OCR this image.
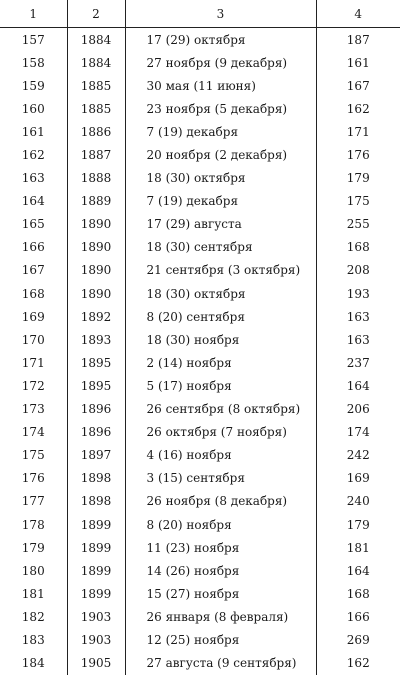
1	2	3	4
157	1884	17 (29) октября	187
158	1884	27 ноября (9 декабря)	161
159	1885	30 мая (11 июня)	167
160	1885	23 ноября (5 декабря)	162
161	1886	7 (19) декабря	171
162	1887	20 ноября (2 декабря)	176
163	1888	18 (30) октября	179
164	1889	7 (19) декабря	175
165	1890	17 (29) августа	255
166	1890	18 (30) сентября	168
167	1890	21 сентября (3 октября)	208
168	1890	18 (30) октября	193
169	1892	8 (20) сентября	163
170	1893	18 (30) ноября	163
171	1895	2 (14) ноября	237
172	1895	5 (17) ноября	164
173	1896	26 сентября (8 октября)	206
174	1896	26 октября (7 ноября)	174
175	1897	4 (16) ноября	242
176	1898	3 (15) сентября	169
177	1898	26 ноября (8 декабря)	240
178	1899	8 (20) ноября	179
179	1899	11 (23) ноября	181
180	1899	14 (26) ноября	164
181	1899	15 (27) ноября	168
182	1903	26 января (8 февраля)	166
183	1903	12 (25) ноября	269
184	1905	27 августа (9 сентября)	162
